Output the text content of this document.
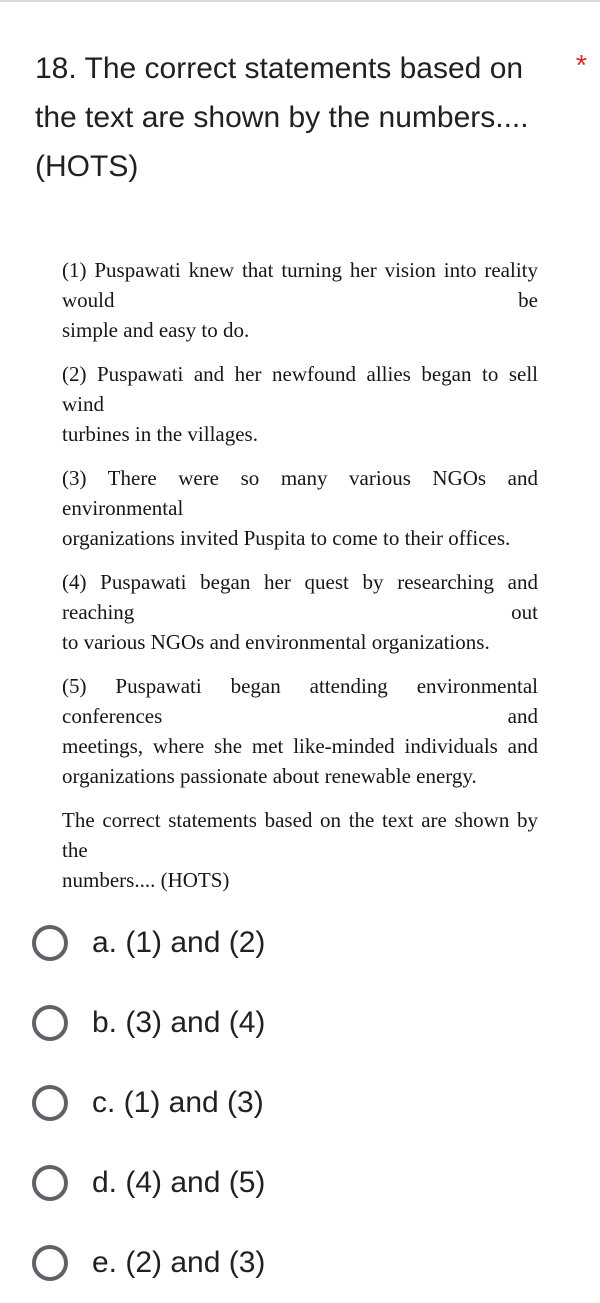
18. The correct statements based on
the text are shown by the numbers....
(HOTS)
*
(1) Puspawati knew that turning her vision into reality would be
simple and easy to do.
(2) Puspawati and her newfound allies began to sell wind
turbines in the villages.
(3) There were so many various NGOs and environmental
organizations invited Puspita to come to their offices.
(4) Puspawati began her quest by researching and reaching out
to various NGOs and environmental organizations.
(5) Puspawati began attending environmental conferences and
meetings, where she met like-minded individuals and
organizations passionate about renewable energy.
The correct statements based on the text are shown by the
numbers.... (HOTS)
a. (1) and (2)
b. (3) and (4)
c. (1) and (3)
d. (4) and (5)
e. (2) and (3)
